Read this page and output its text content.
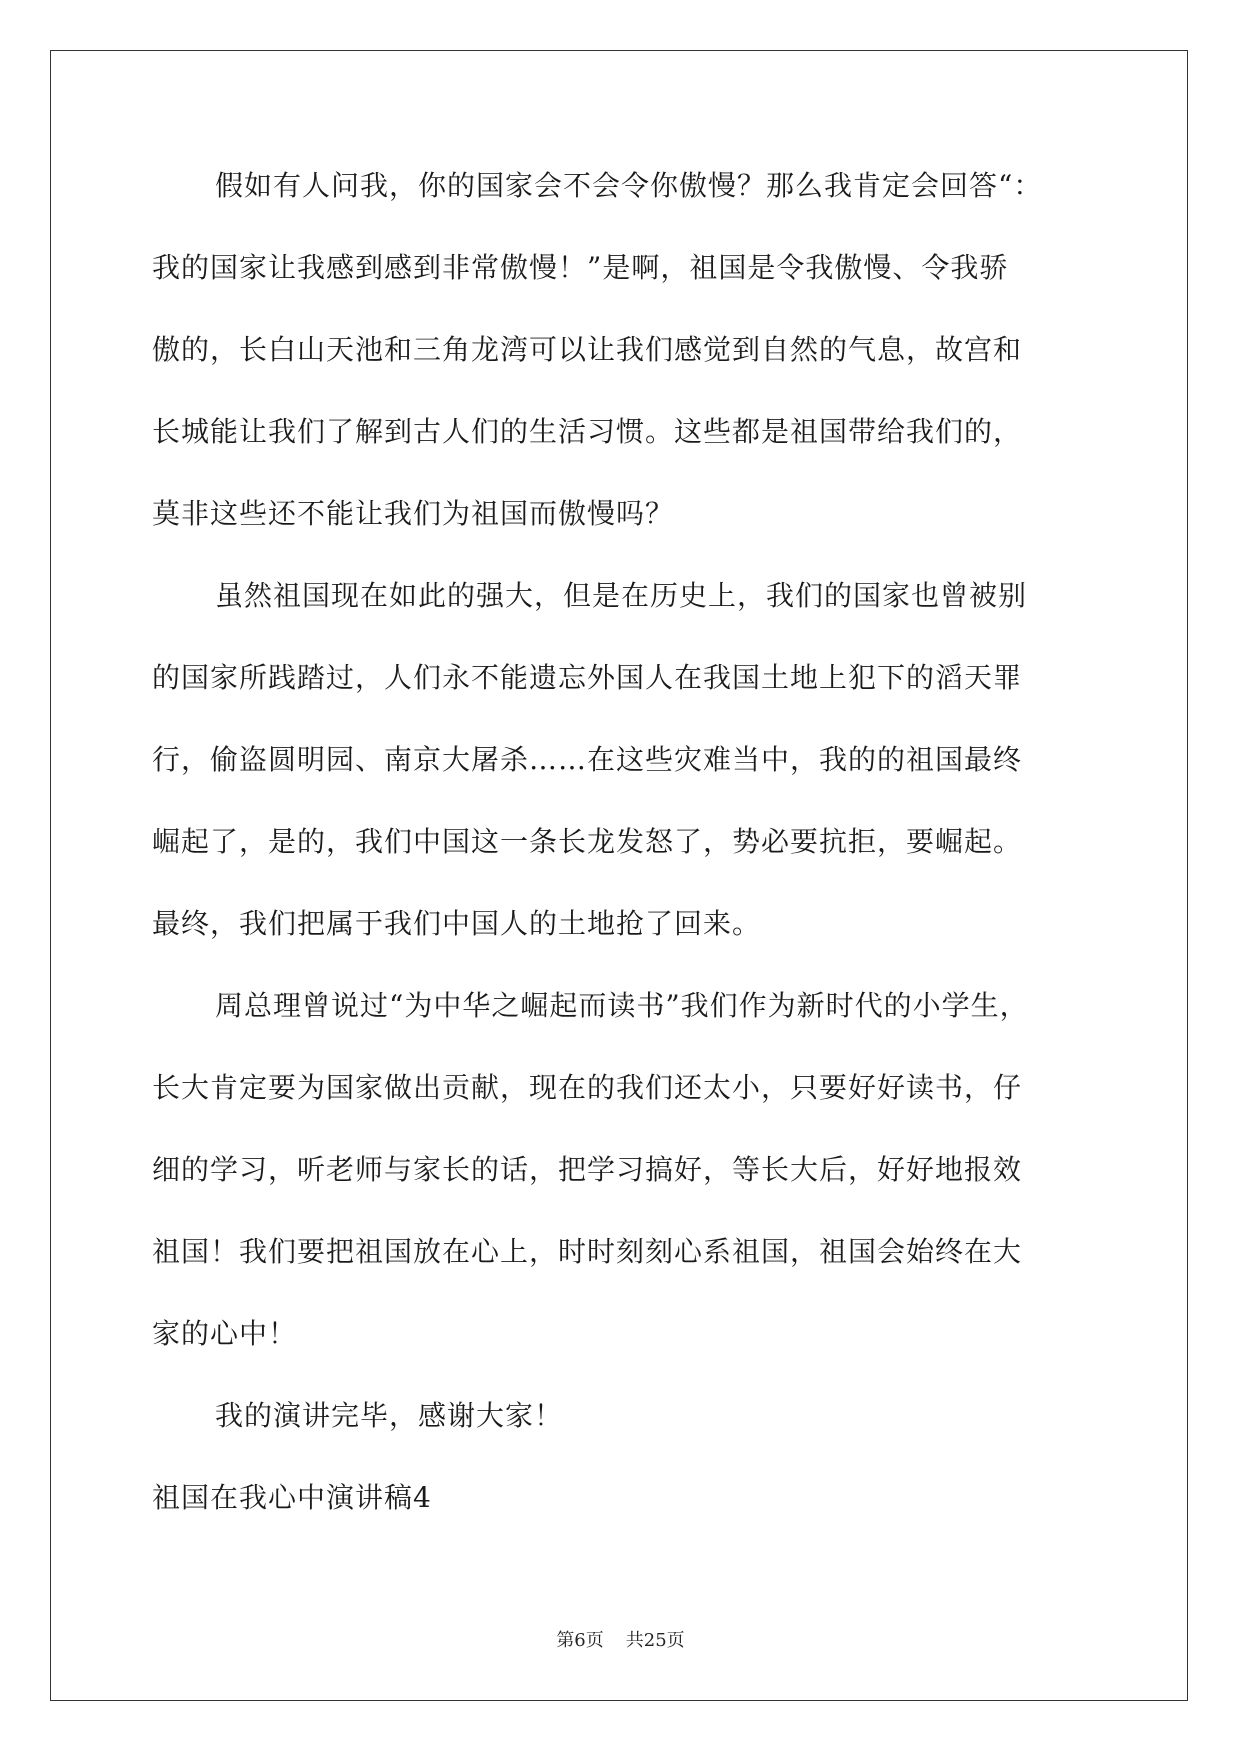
假如有人问我，你的国家会不会令你傲慢？那么我肯定会回答“：
我的国家让我感到感到非常傲慢！”是啊，祖国是令我傲慢、令我骄
傲的，长白山天池和三角龙湾可以让我们感觉到自然的气息，故宫和
长城能让我们了解到古人们的生活习惯。这些都是祖国带给我们的，
莫非这些还不能让我们为祖国而傲慢吗？
虽然祖国现在如此的强大，但是在历史上，我们的国家也曾被别
的国家所践踏过，人们永不能遗忘外国人在我国土地上犯下的滔天罪
行，偷盗圆明园、南京大屠杀……在这些灾难当中，我的的祖国最终
崛起了，是的，我们中国这一条长龙发怒了，势必要抗拒，要崛起。
最终，我们把属于我们中国人的土地抢了回来。
周总理曾说过“为中华之崛起而读书”我们作为新时代的小学生，
长大肯定要为国家做出贡献，现在的我们还太小，只要好好读书，仔
细的学习，听老师与家长的话，把学习搞好，等长大后，好好地报效
祖国！我们要把祖国放在心上，时时刻刻心系祖国，祖国会始终在大
家的心中！
我的演讲完毕，感谢大家！
祖国在我心中演讲稿4
第6页 共25页
